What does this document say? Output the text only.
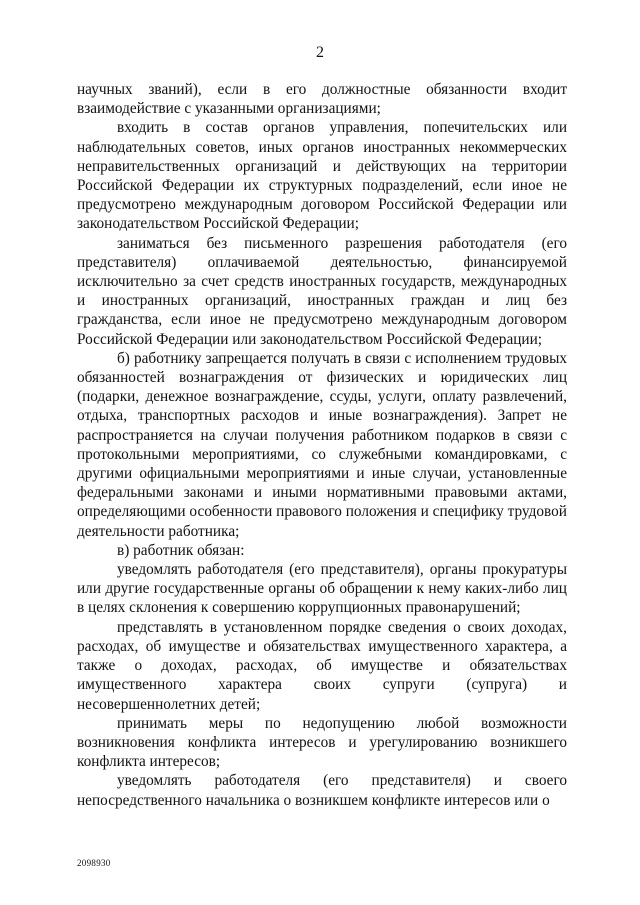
2

научных званий), если в его должностные обязанности входит взаимодействие с указанными организациями;

входить в состав органов управления, попечительских или наблюдательных советов, иных органов иностранных некоммерческих неправительственных организаций и действующих на территории Российской Федерации их структурных подразделений, если иное не предусмотрено международным договором Российской Федерации или законодательством Российской Федерации;

заниматься без письменного разрешения работодателя (его представителя) оплачиваемой деятельностью, финансируемой исключительно за счет средств иностранных государств, международных и иностранных организаций, иностранных граждан и лиц без гражданства, если иное не предусмотрено международным договором Российской Федерации или законодательством Российской Федерации;

б) работнику запрещается получать в связи с исполнением трудовых обязанностей вознаграждения от физических и юридических лиц (подарки, денежное вознаграждение, ссуды, услуги, оплату развлечений, отдыха, транспортных расходов и иные вознаграждения). Запрет не распространяется на случаи получения работником подарков в связи с протокольными мероприятиями, со служебными командировками, с другими официальными мероприятиями и иные случаи, установленные федеральными законами и иными нормативными правовыми актами, определяющими особенности правового положения и специфику трудовой деятельности работника;

в) работник обязан:

уведомлять работодателя (его представителя), органы прокуратуры или другие государственные органы об обращении к нему каких-либо лиц в целях склонения к совершению коррупционных правонарушений;

представлять в установленном порядке сведения о своих доходах, расходах, об имуществе и обязательствах имущественного характера, а также о доходах, расходах, об имуществе и обязательствах имущественного характера своих супруги (супруга) и несовершеннолетних детей;

принимать меры по недопущению любой возможности возникновения конфликта интересов и урегулированию возникшего конфликта интересов;

уведомлять работодателя (его представителя) и своего непосредственного начальника о возникшем конфликте интересов или о

2098930
